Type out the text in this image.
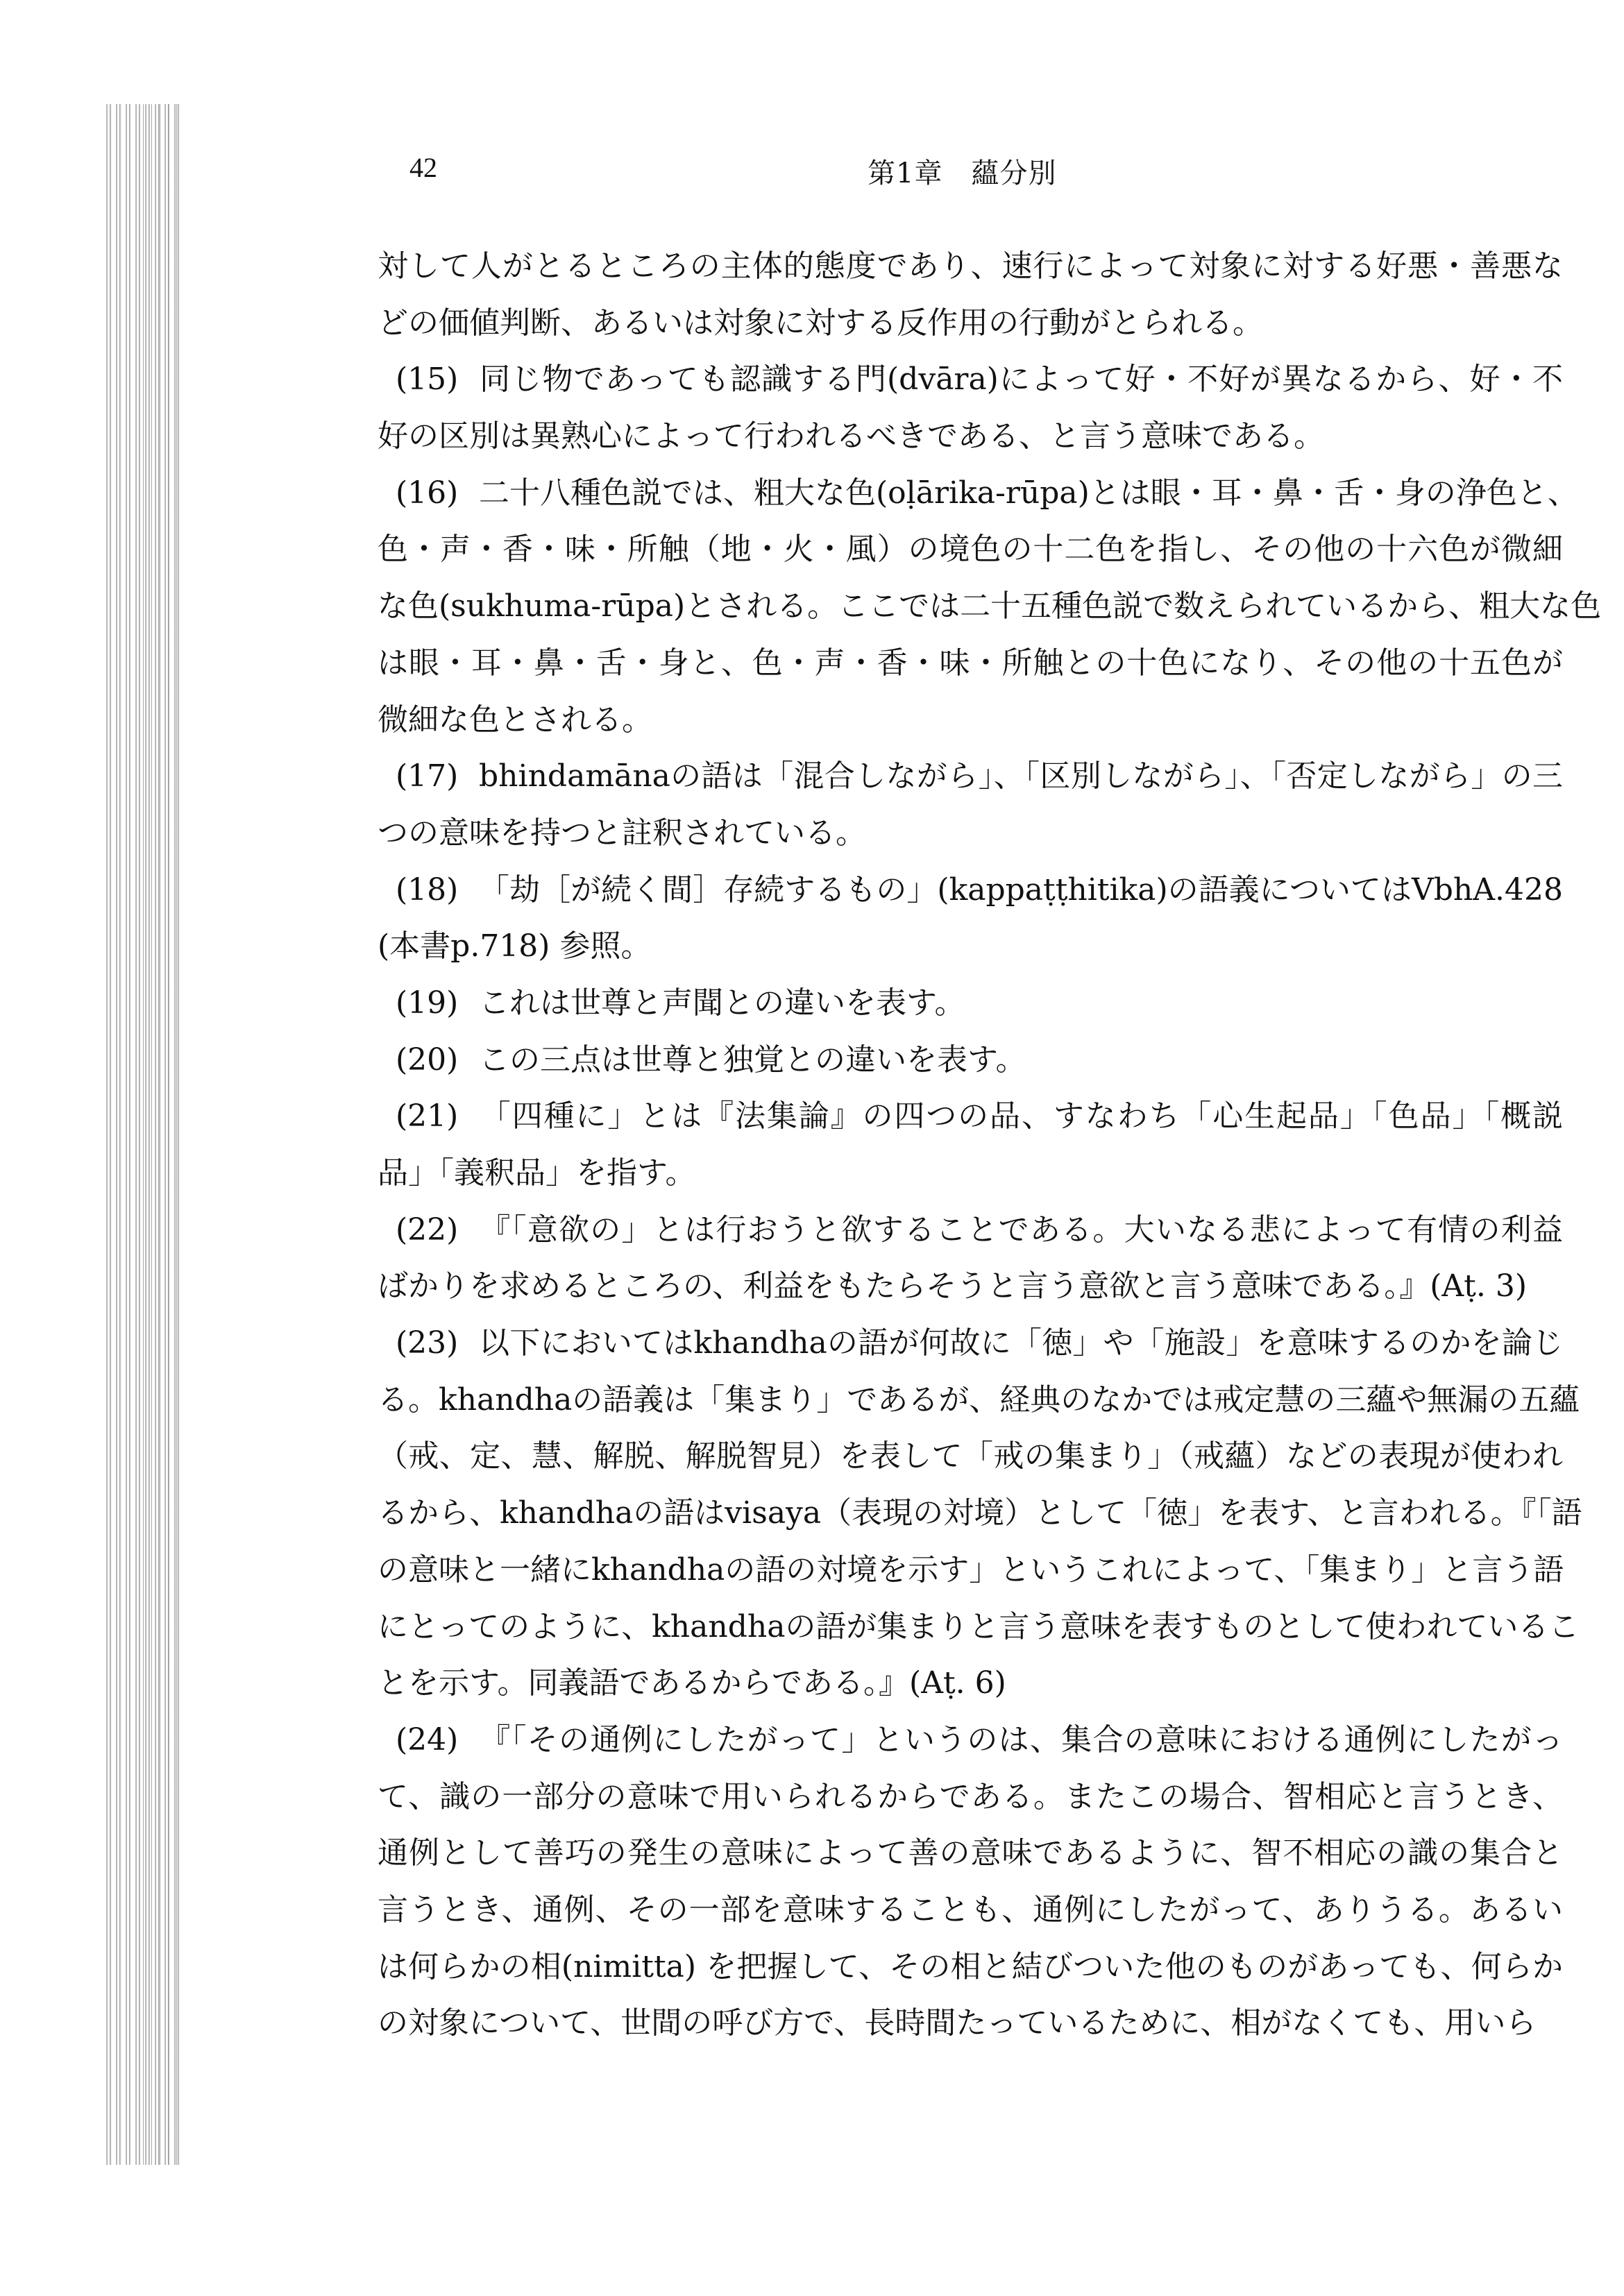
42	第1章　蘊分別
対して人がとるところの主体的態度であり、速行によって対象に対する好悪・善悪な
どの価値判断、あるいは対象に対する反作用の行動がとられる。
(15) 同じ物であっても認識する門(dvāra)によって好・不好が異なるから、好・不
好の区別は異熟心によって行われるべきである、と言う意味である。
(16) 二十八種色説では、粗大な色(oḷārika-rūpa)とは眼・耳・鼻・舌・身の浄色と、
色・声・香・味・所触（地・火・風）の境色の十二色を指し、その他の十六色が微細
な色(sukhuma-rūpa)とされる。ここでは二十五種色説で数えられているから、粗大な色
は眼・耳・鼻・舌・身と、色・声・香・味・所触との十色になり、その他の十五色が
微細な色とされる。
(17) bhindamānaの語は「混合しながら」、「区別しながら」、「否定しながら」の三
つの意味を持つと註釈されている。
(18) 「劫［が続く間］存続するもの」(kappaṭṭhitika)の語義についてはVbhA.428
(本書p.718) 参照。
(19) これは世尊と声聞との違いを表す。
(20) この三点は世尊と独覚との違いを表す。
(21) 「四種に」とは『法集論』の四つの品、すなわち「心生起品」「色品」「概説
品」「義釈品」を指す。
(22) 『「意欲の」とは行おうと欲することである。大いなる悲によって有情の利益
ばかりを求めるところの、利益をもたらそうと言う意欲と言う意味である。』(Aṭ. 3)
(23) 以下においてはkhandhaの語が何故に「徳」や「施設」を意味するのかを論じ
る。khandhaの語義は「集まり」であるが、経典のなかでは戒定慧の三蘊や無漏の五蘊
（戒、定、慧、解脱、解脱智見）を表して「戒の集まり」（戒蘊）などの表現が使われ
るから、khandhaの語はvisaya（表現の対境）として「徳」を表す、と言われる。『「語
の意味と一緒にkhandhaの語の対境を示す」というこれによって、「集まり」と言う語
にとってのように、khandhaの語が集まりと言う意味を表すものとして使われているこ
とを示す。同義語であるからである。』(Aṭ. 6)
(24) 『「その通例にしたがって」というのは、集合の意味における通例にしたがっ
て、識の一部分の意味で用いられるからである。またこの場合、智相応と言うとき、
通例として善巧の発生の意味によって善の意味であるように、智不相応の識の集合と
言うとき、通例、その一部を意味することも、通例にしたがって、ありうる。あるい
は何らかの相(nimitta) を把握して、その相と結びついた他のものがあっても、何らか
の対象について、世間の呼び方で、長時間たっているために、相がなくても、用いら
